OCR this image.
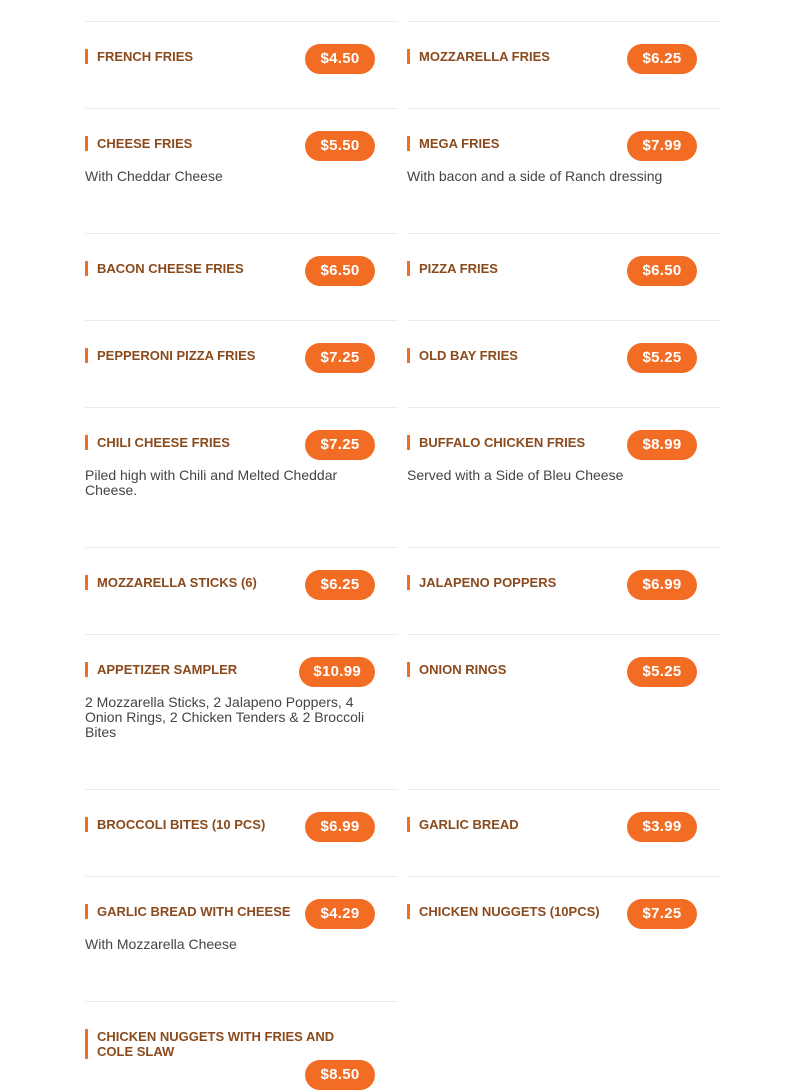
FRENCH FRIES	$4.50	MOZZARELLA FRIES	$6.25
CHEESE FRIES	$5.50
With Cheddar Cheese
MEGA FRIES	$7.99
With bacon and a side of Ranch dressing
BACON CHEESE FRIES	$6.50	PIZZA FRIES	$6.50
PEPPERONI PIZZA FRIES	$7.25	OLD BAY FRIES	$5.25
CHILI CHEESE FRIES	$7.25
Piled high with Chili and Melted Cheddar Cheese.
BUFFALO CHICKEN FRIES	$8.99
Served with a Side of Bleu Cheese
MOZZARELLA STICKS (6)	$6.25	JALAPENO POPPERS	$6.99
APPETIZER SAMPLER	$10.99
2 Mozzarella Sticks, 2 Jalapeno Poppers, 4 Onion Rings, 2 Chicken Tenders & 2 Broccoli Bites
ONION RINGS	$5.25
BROCCOLI BITES (10 PCS)	$6.99	GARLIC BREAD	$3.99
GARLIC BREAD WITH CHEESE	$4.29
With Mozzarella Cheese
CHICKEN NUGGETS (10PCS)	$7.25
CHICKEN NUGGETS WITH FRIES AND COLE SLAW
$8.50
